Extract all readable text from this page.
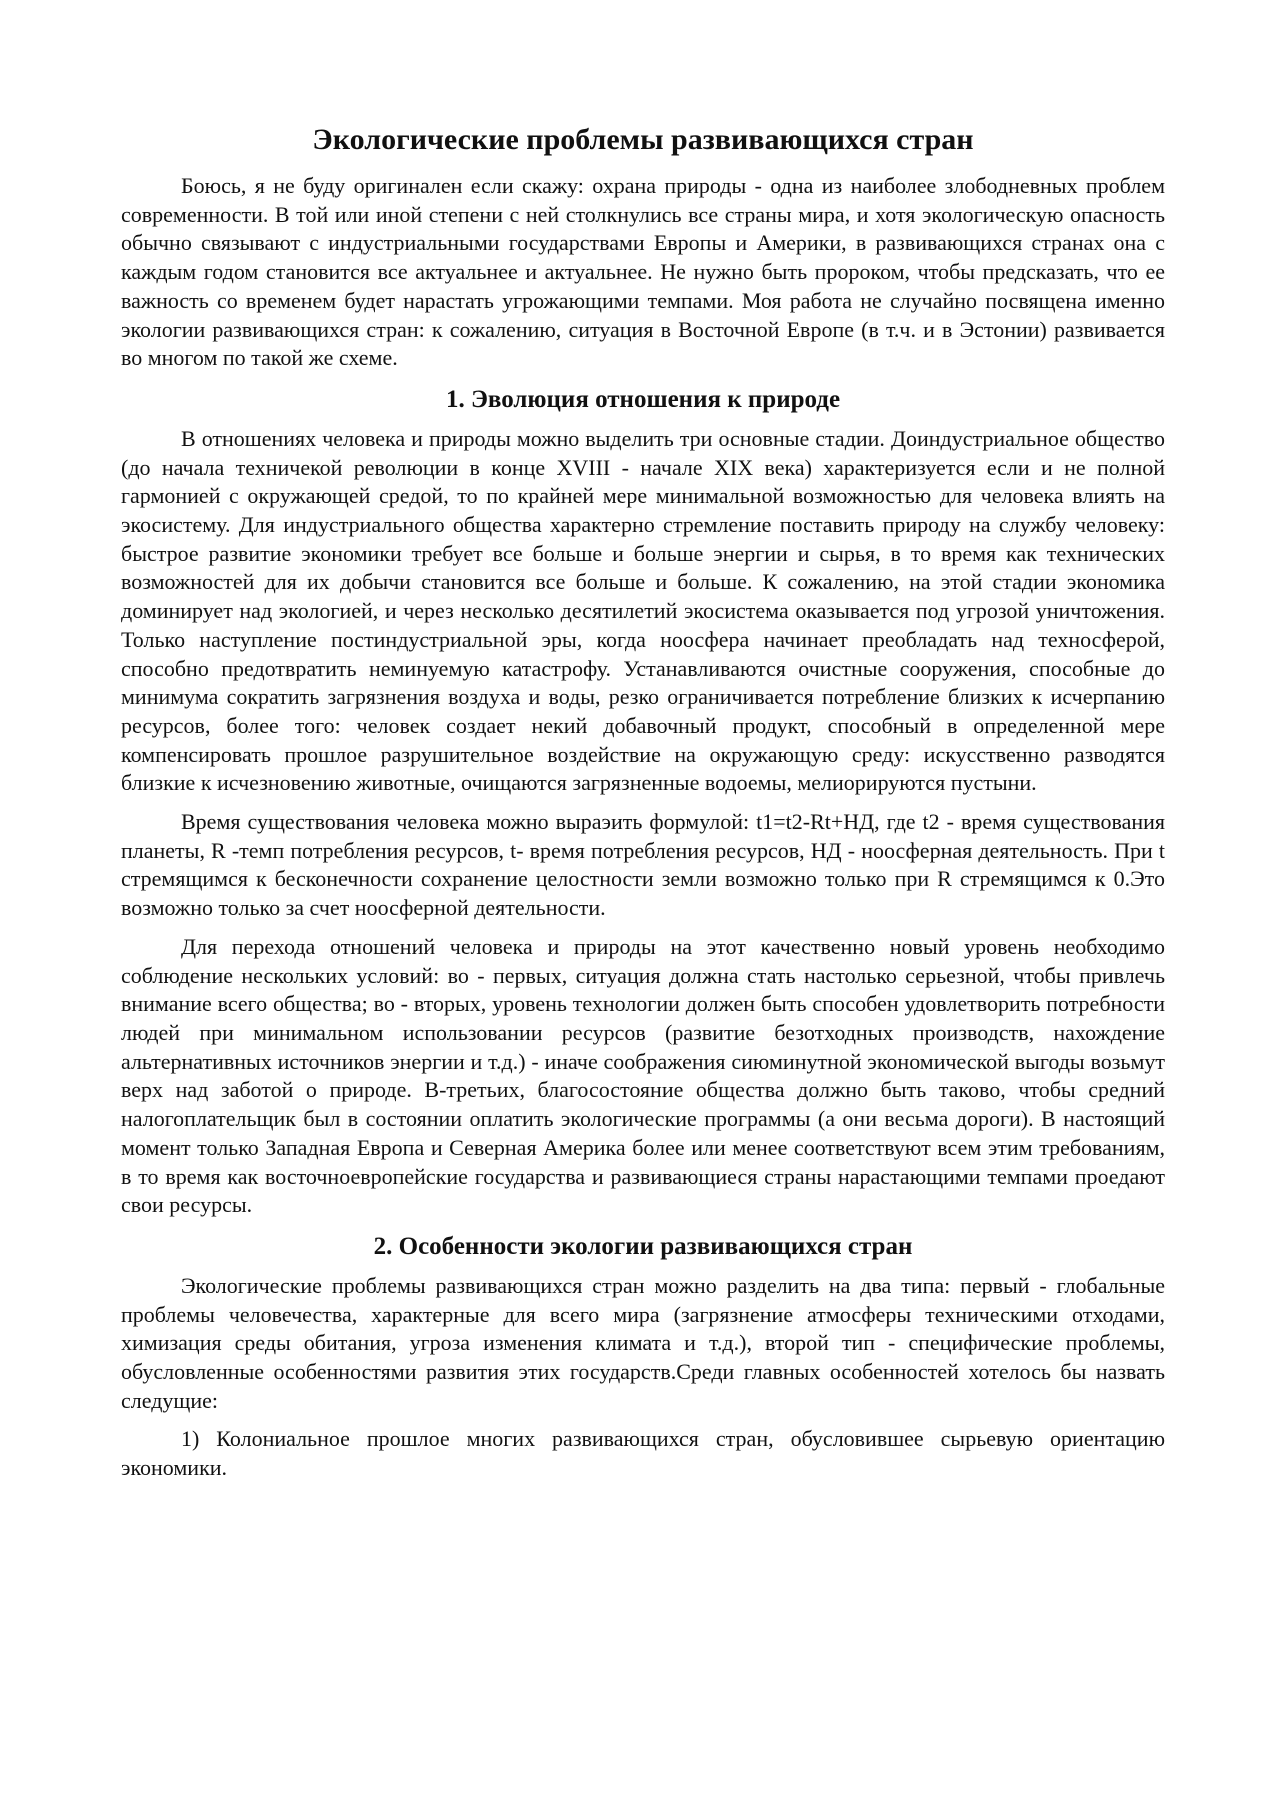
Экологические проблемы развивающихся стран

Боюсь, я не буду оригинален если скажу: охрана природы - одна из наиболее злободневных проблем современности. В той или иной степени с ней столкнулись все страны мира, и хотя экологическую опасность обычно связывают с индустриальными государствами Европы и Америки, в развивающихся странах она с каждым годом становится все актуальнее и актуальнее. Не нужно быть пророком, чтобы предсказать, что ее важность со временем будет нарастать угрожающими темпами. Моя работа не случайно посвящена именно экологии развивающихся стран: к сожалению, ситуация в Восточной Европе (в т.ч. и в Эстонии) развивается во многом по такой же схеме.

1. Эволюция отношения к природе

В отношениях человека и природы можно выделить три основные стадии. Доиндустриальное общество (до начала техничекой революции в конце XVIII - начале XIX века) характеризуется если и не полной гармонией с окружающей средой, то по крайней мере минимальной возможностью для человека влиять на экосистему. Для индустриального общества характерно стремление поставить природу на службу человеку: быстрое развитие экономики требует все больше и больше энергии и сырья, в то время как технических возможностей для их добычи становится все больше и больше. К сожалению, на этой стадии экономика доминирует над экологией, и через несколько десятилетий экосистема оказывается под угрозой уничтожения. Только наступление постиндустриальной эры, когда ноосфера начинает преобладать над техносферой, способно предотвратить неминуемую катастрофу. Устанавливаются очистные сооружения, способные до минимума сократить загрязнения воздуха и воды, резко ограничивается потребление близких к исчерпанию ресурсов, более того: человек создает некий добавочный продукт, способный в определенной мере компенсировать прошлое разрушительное воздействие на окружающую среду: искусственно разводятся близкие к исчезновению животные, очищаются загрязненные водоемы, мелиорируются пустыни.

Время существования человека можно выраэить формулой: t1=t2-Rt+НД, где t2 - время существования планеты, R -темп потребления ресурсов, t- время потребления ресурсов, НД - ноосферная деятельность. При t стремящимся к бесконечности сохранение целостности земли возможно только при R стремящимся к 0.Это возможно только за счет ноосферной деятельности.

Для перехода отношений человека и природы на этот качественно новый уровень необходимо соблюдение нескольких условий: во - первых, ситуация должна стать настолько серьезной, чтобы привлечь внимание всего общества; во - вторых, уровень технологии должен быть способен удовлетворить потребности людей при минимальном использовании ресурсов (развитие безотходных производств, нахождение альтернативных источников энергии и т.д.) - иначе соображения сиюминутной экономической выгоды возьмут верх над заботой о природе. В-третьих, благосостояние общества должно быть таково, чтобы средний налогоплательщик был в состоянии оплатить экологические программы (а они весьма дороги). В настоящий момент только Западная Европа и Северная Америка более или менее соответствуют всем этим требованиям, в то время как восточноевропейские государства и развивающиеся страны нарастающими темпами проедают свои ресурсы.

2. Особенности экологии развивающихся стран

Экологические проблемы развивающихся стран можно разделить на два типа: первый - глобальные проблемы человечества, характерные для всего мира (загрязнение атмосферы техническими отходами, химизация среды обитания, угроза изменения климата и т.д.), второй тип - специфические проблемы, обусловленные особенностями развития этих государств.Среди главных особенностей хотелось бы назвать следущие:

1) Колониальное прошлое многих развивающихся стран, обусловившее сырьевую ориентацию экономики.
